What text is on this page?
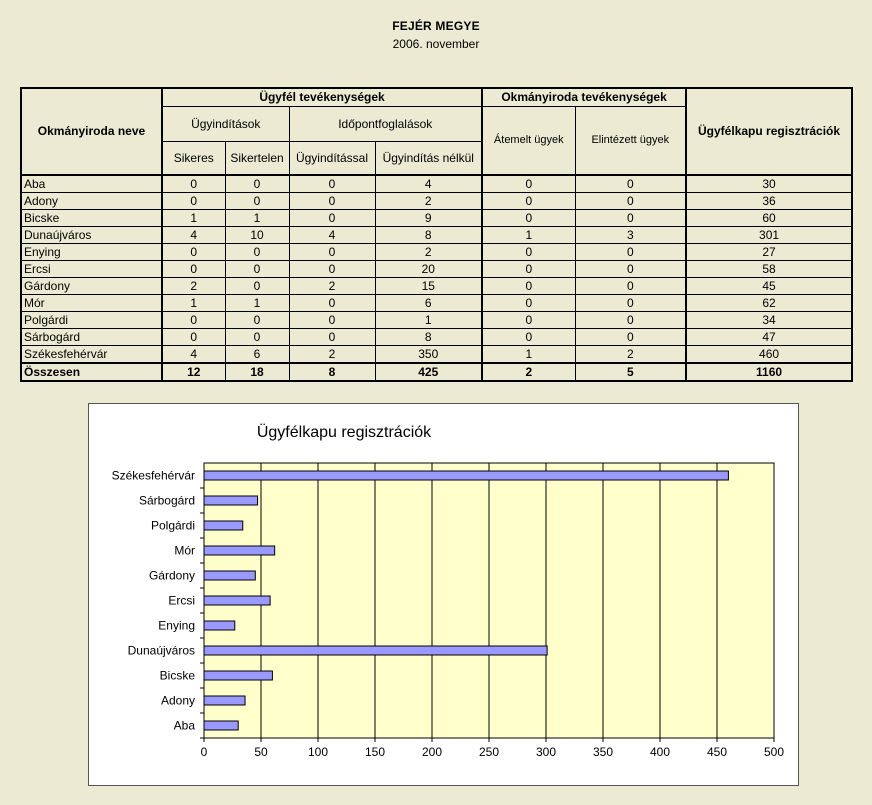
FEJÉR MEGYE
2006. november
Okmányiroda neve	Ügyfél tevékenységek				Okmányiroda tevékenységek		Ügyfélkapu regisztrációk
	Ügyindítások		Időpontfoglalások		Átemelt ügyek	Elintézett ügyek	
	Sikeres	Sikertelen	Ügyindítással	Ügyindítás nélkül			
Aba	0	0	0	4	0	0	30
Adony	0	0	0	2	0	0	36
Bicske	1	1	0	9	0	0	60
Dunaújváros	4	10	4	8	1	3	301
Enying	0	0	0	2	0	0	27
Ercsi	0	0	0	20	0	0	58
Gárdony	2	0	2	15	0	0	45
Mór	1	1	0	6	0	0	62
Polgárdi	0	0	0	1	0	0	34
Sárbogárd	0	0	0	8	0	0	47
Székesfehérvár	4	6	2	350	1	2	460
Összesen	12	18	8	425	2	5	1160
Ügyfélkapu regisztrációk
0	50	100	150	200	250	300	350	400	450	500
Aba
Adony
Bicske
Dunaújváros
Enying
Ercsi
Gárdony
Mór
Polgárdi
Sárbogárd
Székesfehérvár
